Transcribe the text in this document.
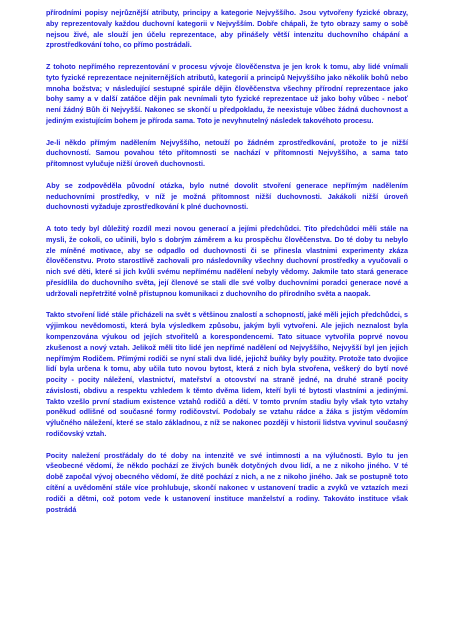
přírodními popisy nejrůznější atributy, principy a kategorie Nejvyššího. Jsou vytvořeny fyzické obrazy, aby reprezentovaly každou duchovní kategorii v Nejvyšším. Dobře chápali, že tyto obrazy samy o sobě nejsou živé, ale slouží jen účelu reprezentace, aby přinášely větší intenzitu duchovního chápání a zprostředkování toho, co přímo postrádali.

Z tohoto nepřímého reprezentování v procesu vývoje člověčenstva je jen krok k tomu, aby lidé vnímali tyto fyzické reprezentace nejniternějších atributů, kategorií a principů Nejvyššího jako několik bohů nebo mnoha božstva; v následující sestupné spirále dějin člověčenstva všechny přírodní reprezentace jako bohy samy a v další zatáčce dějin pak nevnímali tyto fyzické reprezentace už jako bohy vůbec - neboť není žádný Bůh či Nejvyšší. Nakonec se skončí u předpokladu, že neexistuje vůbec žádná duchovnost a jediným existujícím bohem je příroda sama. Toto je nevyhnutelný následek takovéhoto procesu.

Je-li někdo přímým nadělením Nejvyššího, netouží po žádném zprostředkování, protože to je nižší duchovností. Samou povahou této přítomnosti se nachází v přítomnosti Nejvyššího, a sama tato přítomnost vylučuje nižší úroveň duchovnosti.

Aby se zodpověděla původní otázka, bylo nutné dovolit stvoření generace nepřímým nadělením neduchovními prostředky, v níž je možná přítomnost nižší duchovnosti. Jakákoli nižší úroveň duchovnosti vyžaduje zprostředkování k plné duchovnosti.

A toto tedy byl důležitý rozdíl mezi novou generací a jejími předchůdci. Tito předchůdci měli stále na mysli, že cokoli, co učinili, bylo s dobrým záměrem a ku prospěchu člověčenstva. Do té doby tu nebylo zle míněné motivace, aby se odpadlo od duchovnosti či se přinesla vlastnimi experimenty zkáza člověčenstvu. Proto starostlivě zachovali pro následovníky všechny duchovní prostředky a vyučovali o nich své děti, které si jich kvůli svému nepřímému nadělení nebyly vědomy. Jakmile tato stará generace přesídlila do duchovního světa, její členové se stali dle své volby duchovními poradci generace nové a udržovali nepřetržité volně přístupnou komunikaci z duchovního do přírodního světa a naopak.

Takto stvoření lidé stále přicházeli na svět s většinou znalostí a schopností, jaké měli jejich předchůdci, s výjimkou nevědomosti, která byla výsledkem způsobu, jakým byli vytvořeni. Ale jejich neznalost byla kompenzována výukou od jejích stvořitelů a korespondencemi. Tato situace vytvořila poprvé novou zkušenost a nový vztah. Jelikož měli tito lidé jen nepřímé nadělení od Nejvyššího, Nejvyšší byl jen jejich nepřímým Rodičem. Přímými rodiči se nyní stali dva lidé, jejichž buňky byly použity. Protože tato dvojice lidí byla určena k tomu, aby učila tuto novou bytost, která z nich byla stvořena, veškerý do bytí nové pocity - pocity náležení, vlastnictví, mateřství a otcovství na straně jedné, na druhé straně pocity závislosti, obdivu a respektu vzhledem k těmto dvěma lidem, kteří byli té bytosti vlastními a jedinými. Takto vzešlo první stadium existence vztahů rodičů a dětí. V tomto prvním stadiu byly však tyto vztahy poněkud odlišné od současné formy rodičovství. Podobaly se vztahu rádce a žáka s jistým vědomím výlučného náležení, které se stalo základnou, z níž se nakonec později v historii lidstva vyvinul současný rodičovský vztah.

Pocity naležení prostřádaly do té doby na intenzitě ve své intimnosti a na výlučnosti. Bylo tu jen všeobecné vědomí, že někdo pochází ze živých buněk dotyčných dvou lidí, a ne z nikoho jiného. V té době započal vývoj obecného vědomí, že dítě pochází z nich, a ne z nikoho jiného. Jak se postupně toto cítění a uvědomění stále více prohlubuje, skončí nakonec v ustanovení tradic a zvyků ve vztazích mezi rodiči a dětmi, což potom vede k ustanovení instituce manželství a rodiny. Takováto instituce však postrádá
